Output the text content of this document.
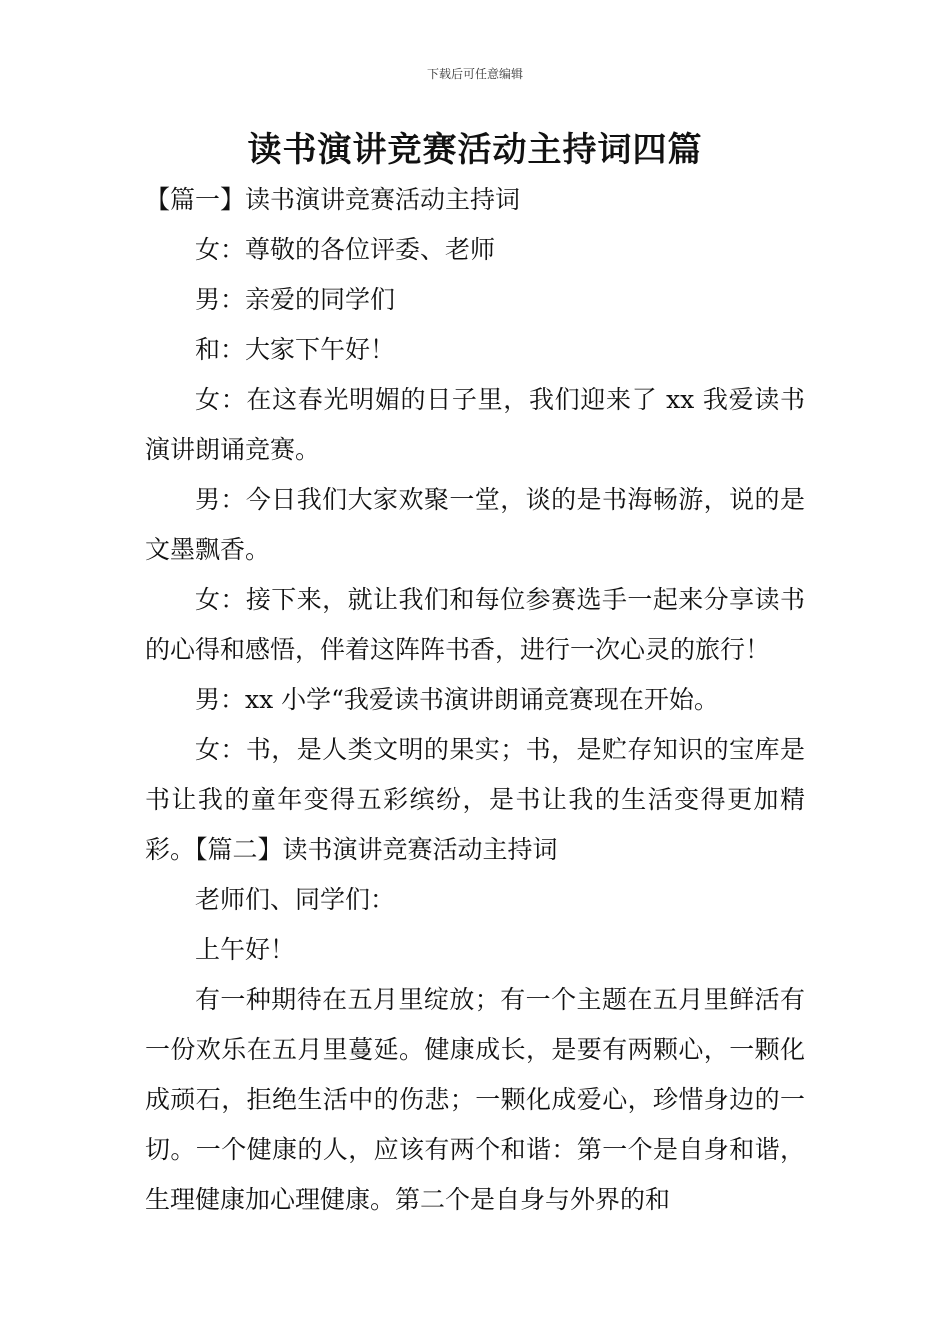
下载后可任意编辑
读书演讲竞赛活动主持词四篇

【篇一】读书演讲竞赛活动主持词

女：尊敬的各位评委、老师

男：亲爱的同学们

和：大家下午好！

女：在这春光明媚的日子里，我们迎来了 xx 我爱读书演讲朗诵竞赛。

男：今日我们大家欢聚一堂，谈的是书海畅游，说的是文墨飘香。

女：接下来，就让我们和每位参赛选手一起来分享读书的心得和感悟，伴着这阵阵书香，进行一次心灵的旅行！

男：xx 小学“我爱读书演讲朗诵竞赛现在开始。

女：书，是人类文明的果实；书，是贮存知识的宝库是书让我的童年变得五彩缤纷，是书让我的生活变得更加精彩。【篇二】读书演讲竞赛活动主持词

老师们、同学们：

上午好！

有一种期待在五月里绽放；有一个主题在五月里鲜活有一份欢乐在五月里蔓延。健康成长，是要有两颗心，一颗化成顽石，拒绝生活中的伤悲；一颗化成爱心，珍惜身边的一切。一个健康的人，应该有两个和谐：第一个是自身和谐，生理健康加心理健康。第二个是自身与外界的和
